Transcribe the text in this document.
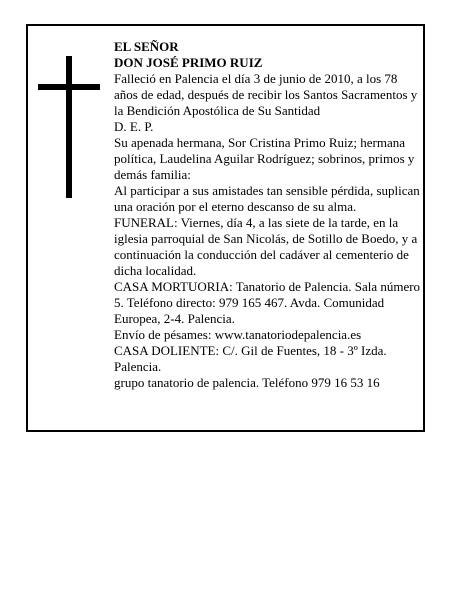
EL SEÑOR

DON JOSÉ PRIMO RUIZ

Falleció en Palencia el día 3 de junio de 2010, a los 78 años de edad, después de recibir los Santos Sacramentos y la Bendición Apostólica de Su Santidad

D. E. P.

Su apenada hermana, Sor Cristina Primo Ruiz; hermana política, Laudelina Aguilar Rodríguez; sobrinos, primos y demás familia:

Al participar a sus amistades tan sensible pérdida, suplican una oración por el eterno descanso de su alma.

FUNERAL: Viernes, día 4, a las siete de la tarde, en la iglesia parroquial de San Nicolás, de Sotillo de Boedo, y a continuación la conducción del cadáver al cementerio de dicha localidad.

CASA MORTUORIA: Tanatorio de Palencia. Sala número 5. Teléfono directo: 979 165 467. Avda. Comunidad Europea, 2-4. Palencia.

Envío de pésames: www.tanatoriodepalencia.es

CASA DOLIENTE: C/. Gil de Fuentes, 18 - 3º Izda. Palencia.

grupo tanatorio de palencia. Teléfono 979 16 53 16
